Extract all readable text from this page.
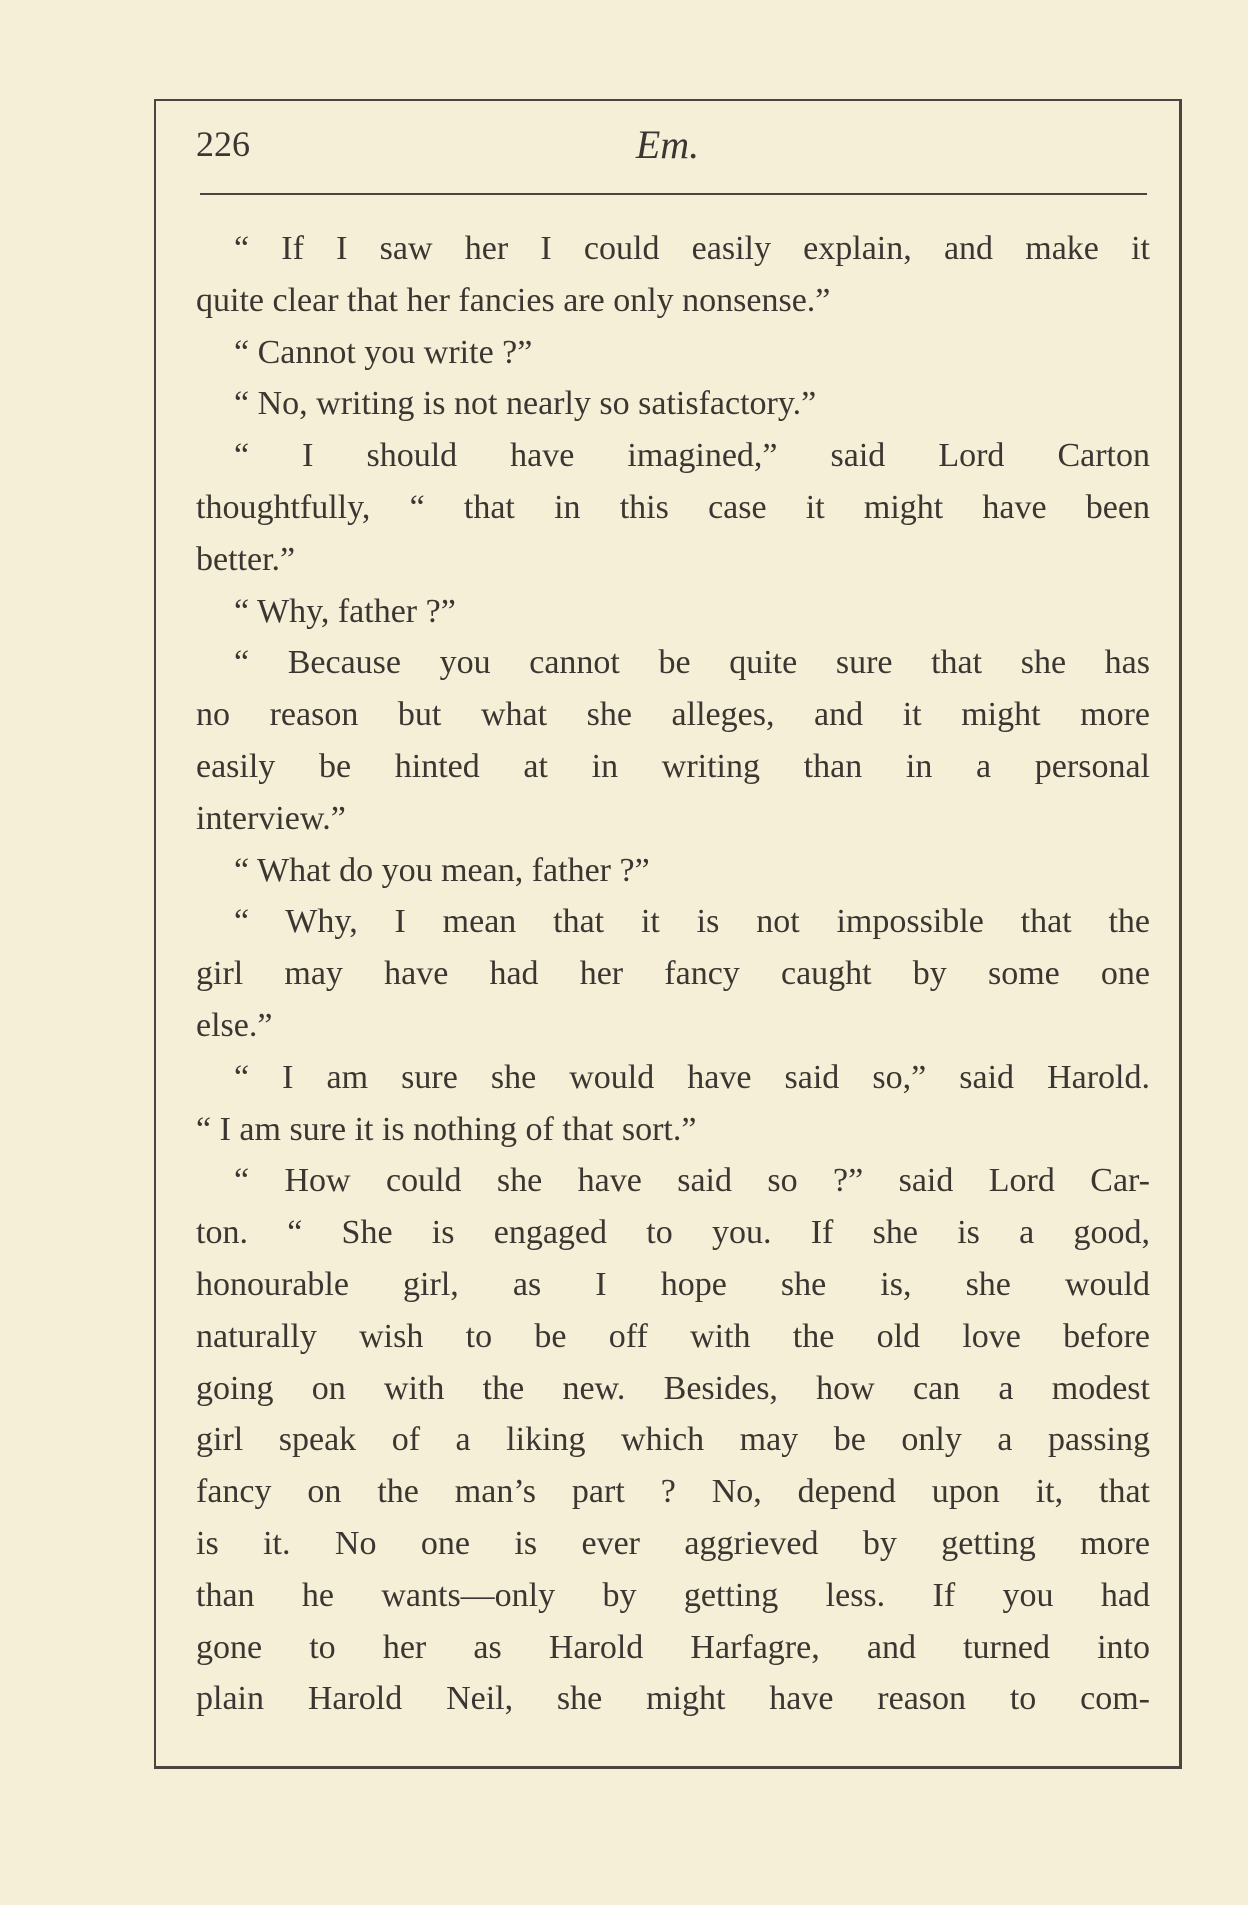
226	Em.
“ If I saw her I could easily explain, and make it
quite clear that her fancies are only nonsense.”
“ Cannot you write ?”
“ No, writing is not nearly so satisfactory.”
“ I should have imagined,” said Lord Carton
thoughtfully, “ that in this case it might have been
better.”
“ Why, father ?”
“ Because you cannot be quite sure that she has
no reason but what she alleges, and it might more
easily be hinted at in writing than in a personal
interview.”
“ What do you mean, father ?”
“ Why, I mean that it is not impossible that the
girl may have had her fancy caught by some one
else.”
“ I am sure she would have said so,” said Harold.
“ I am sure it is nothing of that sort.”
“ How could she have said so ?” said Lord Car-
ton. “ She is engaged to you. If she is a good,
honourable girl, as I hope she is, she would
naturally wish to be off with the old love before
going on with the new. Besides, how can a modest
girl speak of a liking which may be only a passing
fancy on the man’s part ? No, depend upon it, that
is it. No one is ever aggrieved by getting more
than he wants—only by getting less. If you had
gone to her as Harold Harfagre, and turned into
plain Harold Neil, she might have reason to com-
